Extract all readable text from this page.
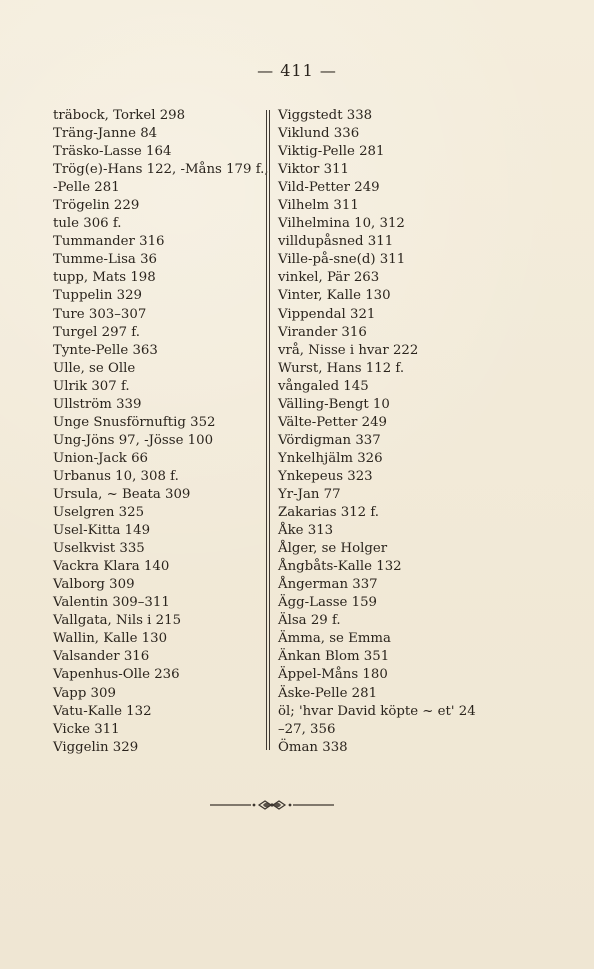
— 411 —
träbock, Torkel 298
Träng-Janne 84
Träsko-Lasse 164
Trög(e)-Hans 122, -Måns 179 f.,
-Pelle 281
Trögelin 229
tule 306 f.
Tummander 316
Tumme-Lisa 36
tupp, Mats 198
Tuppelin 329
Ture 303–307
Turgel 297 f.
Tynte-Pelle 363
Ulle, se Olle
Ulrik 307 f.
Ullström 339
Unge Snusförnuftig 352
Ung-Jöns 97, -Jösse 100
Union-Jack 66
Urbanus 10, 308 f.
Ursula, ~ Beata 309
Uselgren 325
Usel-Kitta 149
Uselkvist 335
Vackra Klara 140
Valborg 309
Valentin 309–311
Vallgata, Nils i 215
Wallin, Kalle 130
Valsander 316
Vapenhus-Olle 236
Vapp 309
Vatu-Kalle 132
Vicke 311
Viggelin 329
Viggstedt 338
Viklund 336
Viktig-Pelle 281
Viktor 311
Vild-Petter 249
Vilhelm 311
Vilhelmina 10, 312
villdupåsned 311
Ville-på-sne(d) 311
vinkel, Pär 263
Vinter, Kalle 130
Vippendal 321
Virander 316
vrå, Nisse i hvar 222
Wurst, Hans 112 f.
vångaled 145
Välling-Bengt 10
Välte-Petter 249
Vördigman 337
Ynkelhjälm 326
Ynkepeus 323
Yr-Jan 77
Zakarias 312 f.
Åke 313
Ålger, se Holger
Ångbåts-Kalle 132
Ångerman 337
Ägg-Lasse 159
Älsa 29 f.
Ämma, se Emma
Änkan Blom 351
Äppel-Måns 180
Äske-Pelle 281
öl; 'hvar David köpte ~ et' 24
–27, 356
Öman 338
